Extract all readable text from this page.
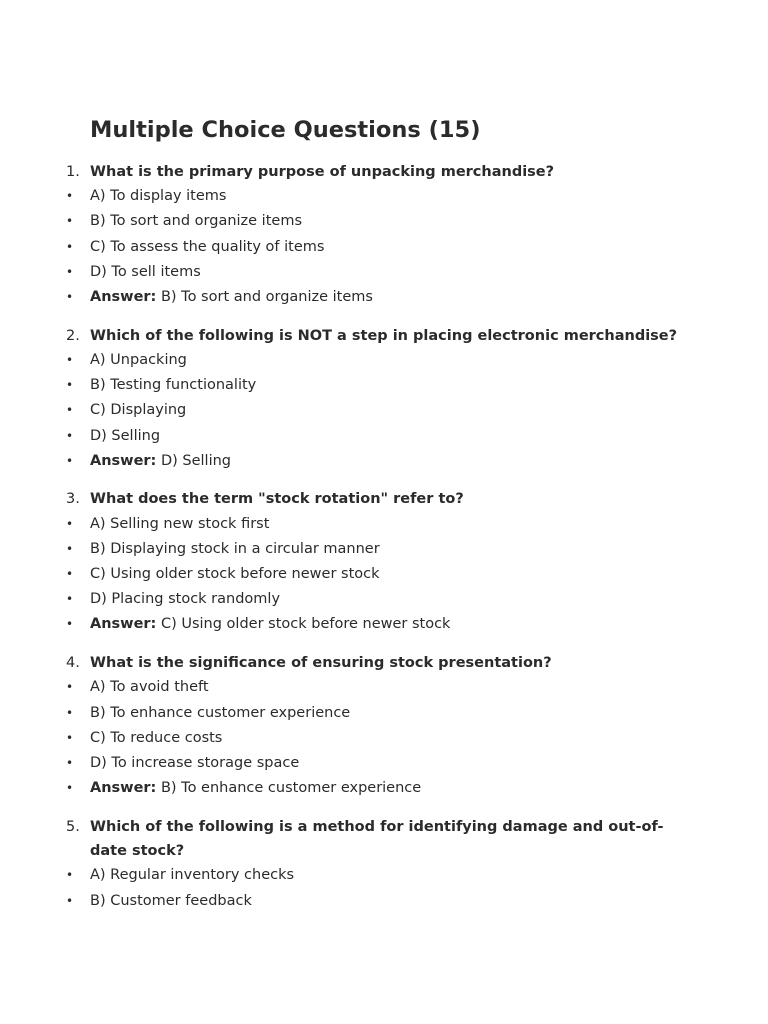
Multiple Choice Questions (15)
1. What is the primary purpose of unpacking merchandise?
• A) To display items
• B) To sort and organize items
• C) To assess the quality of items
• D) To sell items
• Answer: B) To sort and organize items
2. Which of the following is NOT a step in placing electronic merchandise?
• A) Unpacking
• B) Testing functionality
• C) Displaying
• D) Selling
• Answer: D) Selling
3. What does the term "stock rotation" refer to?
• A) Selling new stock first
• B) Displaying stock in a circular manner
• C) Using older stock before newer stock
• D) Placing stock randomly
• Answer: C) Using older stock before newer stock
4. What is the significance of ensuring stock presentation?
• A) To avoid theft
• B) To enhance customer experience
• C) To reduce costs
• D) To increase storage space
• Answer: B) To enhance customer experience
5. Which of the following is a method for identifying damage and out-of-date stock?
• A) Regular inventory checks
• B) Customer feedback
